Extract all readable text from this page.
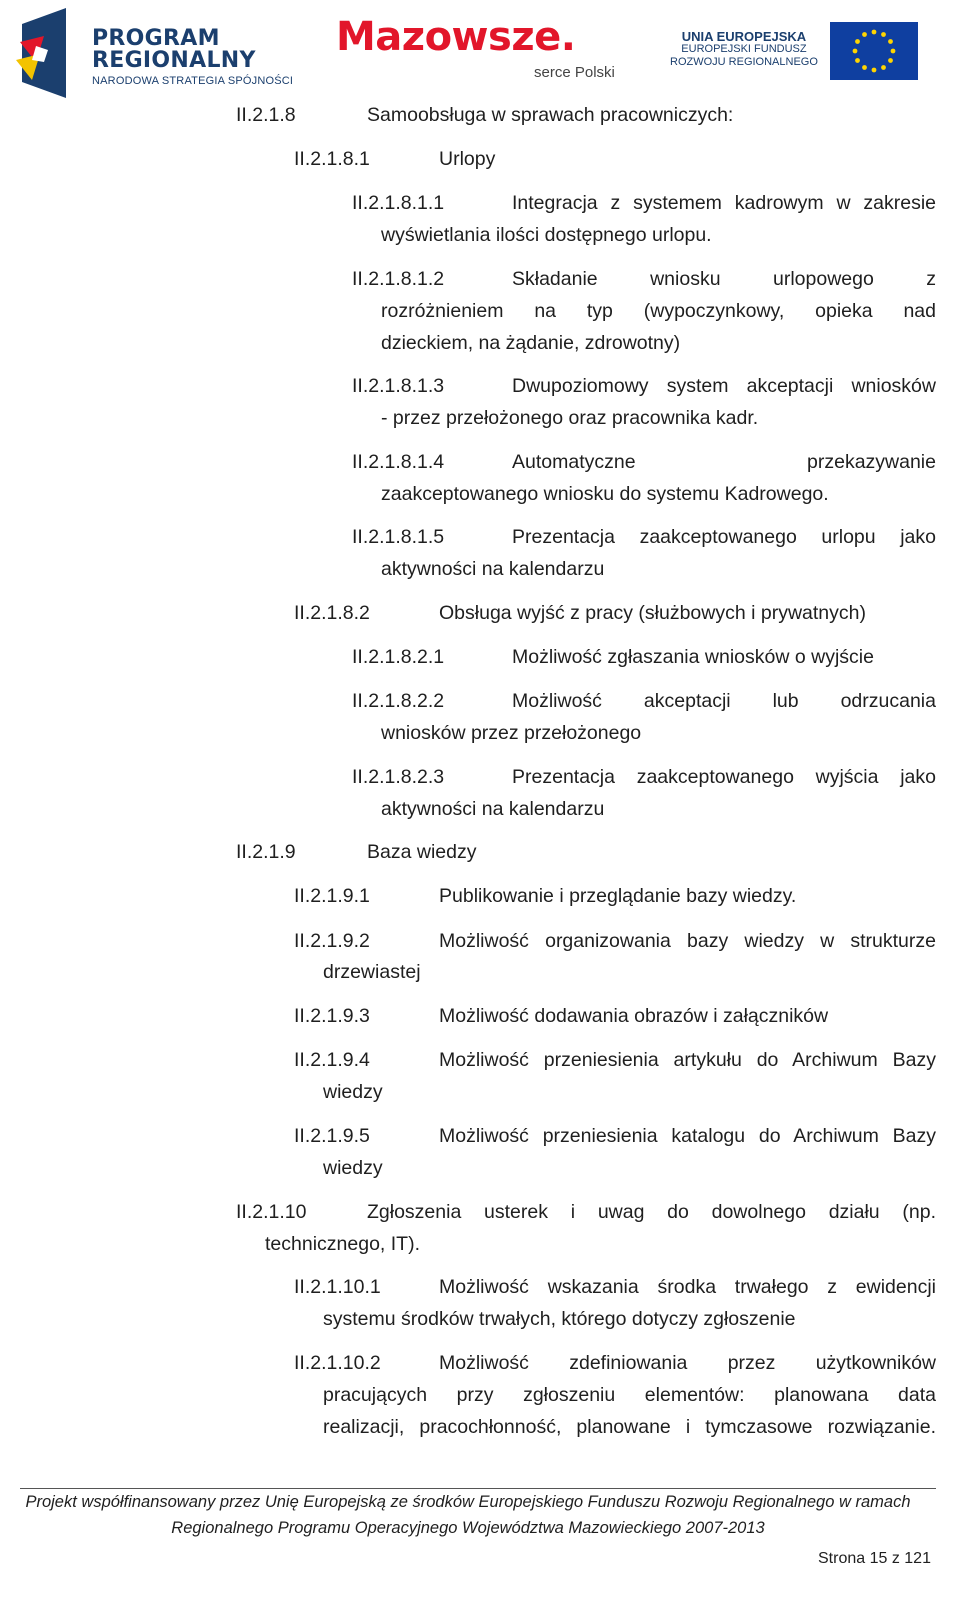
PROGRAM
REGIONALNY
NARODOWA STRATEGIA SPÓJNOŚCI
Mazowsze.
serce Polski
UNIA EUROPEJSKA
EUROPEJSKI FUNDUSZ
ROZWOJU REGIONALNEGO
II.2.1.8	Samoobsługa w sprawach pracowniczych:
II.2.1.8.1	Urlopy
II.2.1.8.1.1	Integracja z systemem kadrowym w zakresie
wyświetlania ilości dostępnego urlopu.
II.2.1.8.1.2	Składanie wniosku urlopowego z
rozróżnieniem na typ (wypoczynkowy, opieka nad
dzieckiem, na żądanie, zdrowotny)
II.2.1.8.1.3	Dwupoziomowy system akceptacji wniosków
- przez przełożonego oraz pracownika kadr.
II.2.1.8.1.4	Automatyczne przekazywanie
zaakceptowanego wniosku do systemu Kadrowego.
II.2.1.8.1.5	Prezentacja zaakceptowanego urlopu jako
aktywności na kalendarzu
II.2.1.8.2	Obsługa wyjść z pracy (służbowych i prywatnych)
II.2.1.8.2.1	Możliwość zgłaszania wniosków o wyjście
II.2.1.8.2.2	Możliwość akceptacji lub odrzucania
wniosków przez przełożonego
II.2.1.8.2.3	Prezentacja zaakceptowanego wyjścia jako
aktywności na kalendarzu
II.2.1.9	Baza wiedzy
II.2.1.9.1	Publikowanie i przeglądanie bazy wiedzy.
II.2.1.9.2	Możliwość organizowania bazy wiedzy w strukturze
drzewiastej
II.2.1.9.3	Możliwość dodawania obrazów i załączników
II.2.1.9.4	Możliwość przeniesienia artykułu do Archiwum Bazy
wiedzy
II.2.1.9.5	Możliwość przeniesienia katalogu do Archiwum Bazy
wiedzy
II.2.1.10	Zgłoszenia usterek i uwag do dowolnego działu (np.
technicznego, IT).
II.2.1.10.1	Możliwość wskazania środka trwałego z ewidencji
systemu środków trwałych, którego dotyczy zgłoszenie
II.2.1.10.2	Możliwość zdefiniowania przez użytkowników
pracujących przy zgłoszeniu elementów: planowana data
realizacji, pracochłonność, planowane i tymczasowe rozwiązanie.
Projekt współfinansowany przez Unię Europejską ze środków Europejskiego Funduszu Rozwoju Regionalnego w ramach
Regionalnego Programu Operacyjnego Województwa Mazowieckiego 2007-2013
Strona 15 z 121
